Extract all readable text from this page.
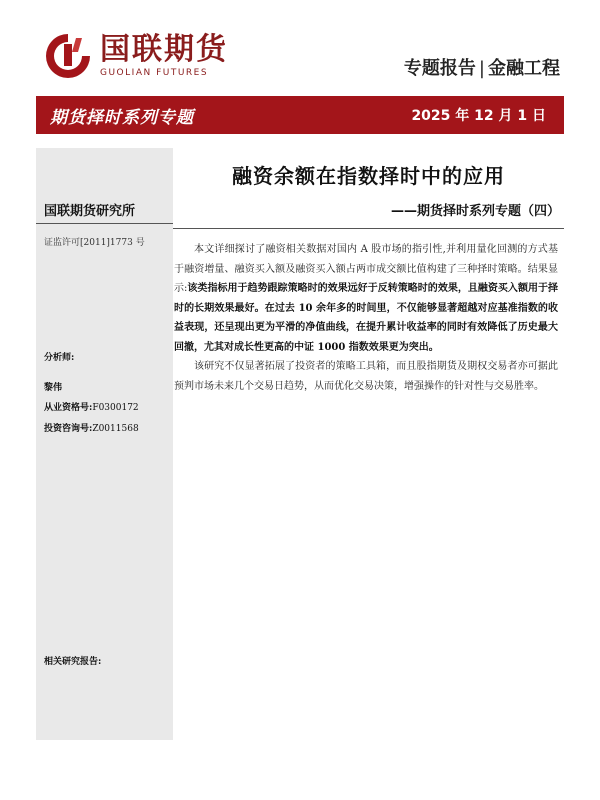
国联期货
GUOLIAN FUTURES	专题报告 | 金融工程
期货择时系列专题	2025 年 12 月 1 日
国联期货研究所
证监许可[2011]1773 号
分析师:
黎伟
从业资格号:F0300172
投资咨询号:Z0011568
相关研究报告:
融资余额在指数择时中的应用
——期货择时系列专题（四）

本文详细探讨了融资相关数据对国内 A 股市场的指引性,并利用量化回测的方式基于融资增量、融资买入额及融资买入额占两市成交额比值构建了三种择时策略。结果显示:该类指标用于趋势跟踪策略时的效果远好于反转策略时的效果，且融资买入额用于择时的长期效果最好。在过去 10 余年多的时间里，不仅能够显著超越对应基准指数的收益表现，还呈现出更为平滑的净值曲线，在提升累计收益率的同时有效降低了历史最大回撤，尤其对成长性更高的中证 1000 指数效果更为突出。

该研究不仅显著拓展了投资者的策略工具箱，而且股指期货及期权交易者亦可据此预判市场未来几个交易日趋势，从而优化交易决策，增强操作的针对性与交易胜率。
